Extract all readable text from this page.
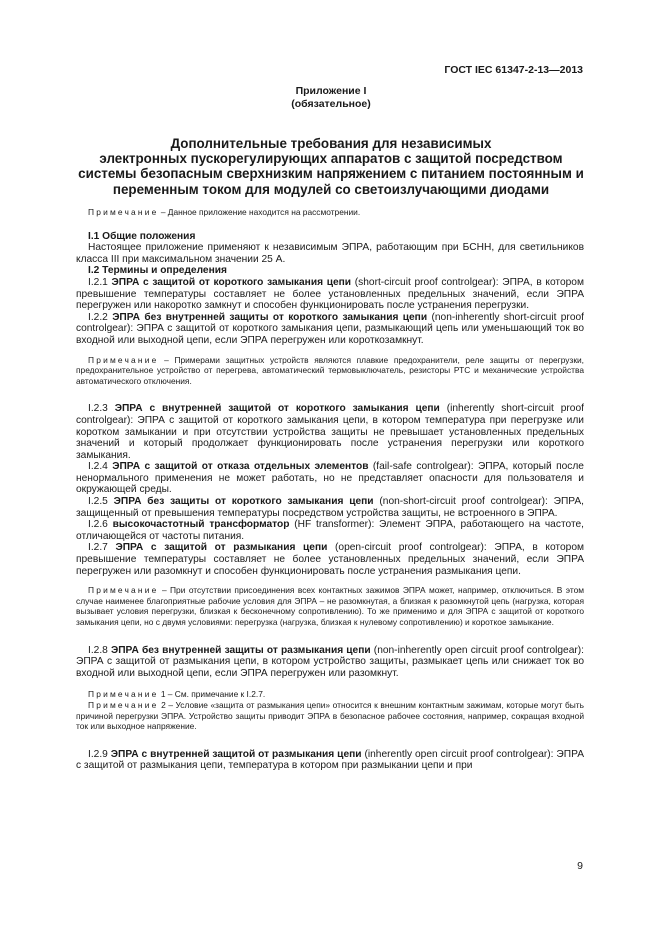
ГОСТ IEC 61347-2-13—2013
Приложение I
(обязательное)
Дополнительные требования для независимых
электронных пускорегулирующих аппаратов с защитой посредством
системы безопасным сверхнизким напряжением с питанием постоянным и
переменным током для модулей со светоизлучающими диодами

Примечание – Данное приложение находится на рассмотрении.

I.1 Общие положения

Настоящее приложение применяют к независимым ЭПРА, работающим при БСНН, для светильников класса III при максимальном значении 25 А.

I.2 Термины и определения

I.2.1 ЭПРА с защитой от короткого замыкания цепи (short-circuit proof controlgear): ЭПРА, в котором превышение температуры составляет не более установленных предельных значений, если ЭПРА перегружен или накоротко замкнут и способен функционировать после устранения перегрузки.

I.2.2 ЭПРА без внутренней защиты от короткого замыкания цепи (non-inherently short-circuit proof controlgear): ЭПРА с защитой от короткого замыкания цепи, размыкающий цепь или уменьшающий ток во входной или выходной цепи, если ЭПРА перегружен или короткозамкнут.

Примечание – Примерами защитных устройств являются плавкие предохранители, реле защиты от перегрузки, предохранительное устройство от перегрева, автоматический термовыключатель, резисторы РТС и механические устройства автоматического отключения.

I.2.3 ЭПРА с внутренней защитой от короткого замыкания цепи (inherently short-circuit proof controlgear): ЭПРА с защитой от короткого замыкания цепи, в котором температура при перегрузке или коротком замыкании и при отсутствии устройства защиты не превышает установленных предельных значений и который продолжает функционировать после устранения перегрузки или короткого замыкания.

I.2.4 ЭПРА с защитой от отказа отдельных элементов (fail-safe controlgear): ЭПРА, который после ненормального применения не может работать, но не представляет опасности для пользователя и окружающей среды.

I.2.5 ЭПРА без защиты от короткого замыкания цепи (non-short-circuit proof controlgear): ЭПРА, защищенный от превышения температуры посредством устройства защиты, не встроенного в ЭПРА.

I.2.6 высокочастотный трансформатор (HF transformer): Элемент ЭПРА, работающего на частоте, отличающейся от частоты питания.

I.2.7 ЭПРА с защитой от размыкания цепи (open-circuit proof controlgear): ЭПРА, в котором превышение температуры составляет не более установленных предельных значений, если ЭПРА перегружен или разомкнут и способен функционировать после устранения размыкания цепи.

Примечание – При отсутствии присоединения всех контактных зажимов ЭПРА может, например, отключиться. В этом случае наименее благоприятные рабочие условия для ЭПРА – не разомкнутая, а близкая к разомкнутой цепь (нагрузка, которая вызывает условия перегрузки, близкая к бесконечному сопротивлению). То же применимо и для ЭПРА с защитой от короткого замыкания цепи, но с двумя условиями: перегрузка (нагрузка, близкая к нулевому сопротивлению) и короткое замыкание.

I.2.8 ЭПРА без внутренней защиты от размыкания цепи (non-inherently open circuit proof controlgear): ЭПРА с защитой от размыкания цепи, в котором устройство защиты, размыкает цепь или снижает ток во входной или выходной цепи, если ЭПРА перегружен или разомкнут.

Примечание 1 – См. примечание к I.2.7.

Примечание 2 – Условие «защита от размыкания цепи» относится к внешним контактным зажимам, которые могут быть причиной перегрузки ЭПРА. Устройство защиты приводит ЭПРА в безопасное рабочее состояния, например, сокращая входной ток или выходное напряжение.

I.2.9 ЭПРА с внутренней защитой от размыкания цепи (inherently open circuit proof controlgear): ЭПРА с защитой от размыкания цепи, температура в котором при размыкании цепи и при

9
